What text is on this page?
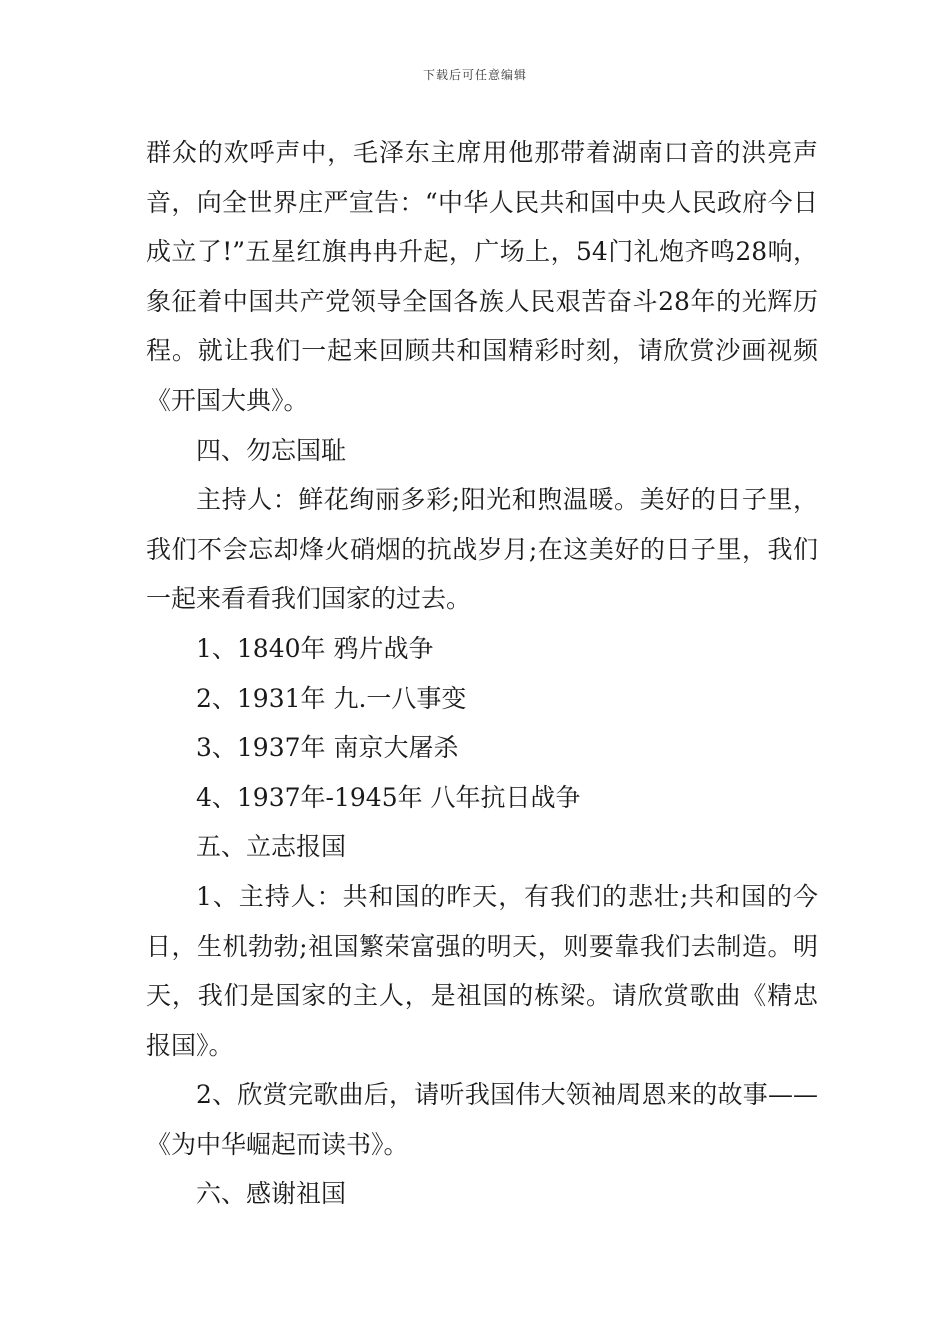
下载后可任意编辑

群众的欢呼声中，毛泽东主席用他那带着湖南口音的洪亮声音，向全世界庄严宣告：“中华人民共和国中央人民政府今日成立了!”五星红旗冉冉升起，广场上，54门礼炮齐鸣28响，象征着中国共产党领导全国各族人民艰苦奋斗28年的光辉历程。就让我们一起来回顾共和国精彩时刻，请欣赏沙画视频《开国大典》。

四、勿忘国耻

主持人：鲜花绚丽多彩;阳光和煦温暖。美好的日子里，我们不会忘却烽火硝烟的抗战岁月;在这美好的日子里，我们一起来看看我们国家的过去。

1、1840年 鸦片战争

2、1931年 九.一八事变

3、1937年 南京大屠杀

4、1937年-1945年 八年抗日战争

五、立志报国

1、主持人：共和国的昨天，有我们的悲壮;共和国的今日，生机勃勃;祖国繁荣富强的明天，则要靠我们去制造。明天，我们是国家的主人，是祖国的栋梁。请欣赏歌曲《精忠报国》。

2、欣赏完歌曲后，请听我国伟大领袖周恩来的故事——《为中华崛起而读书》。

六、感谢祖国
